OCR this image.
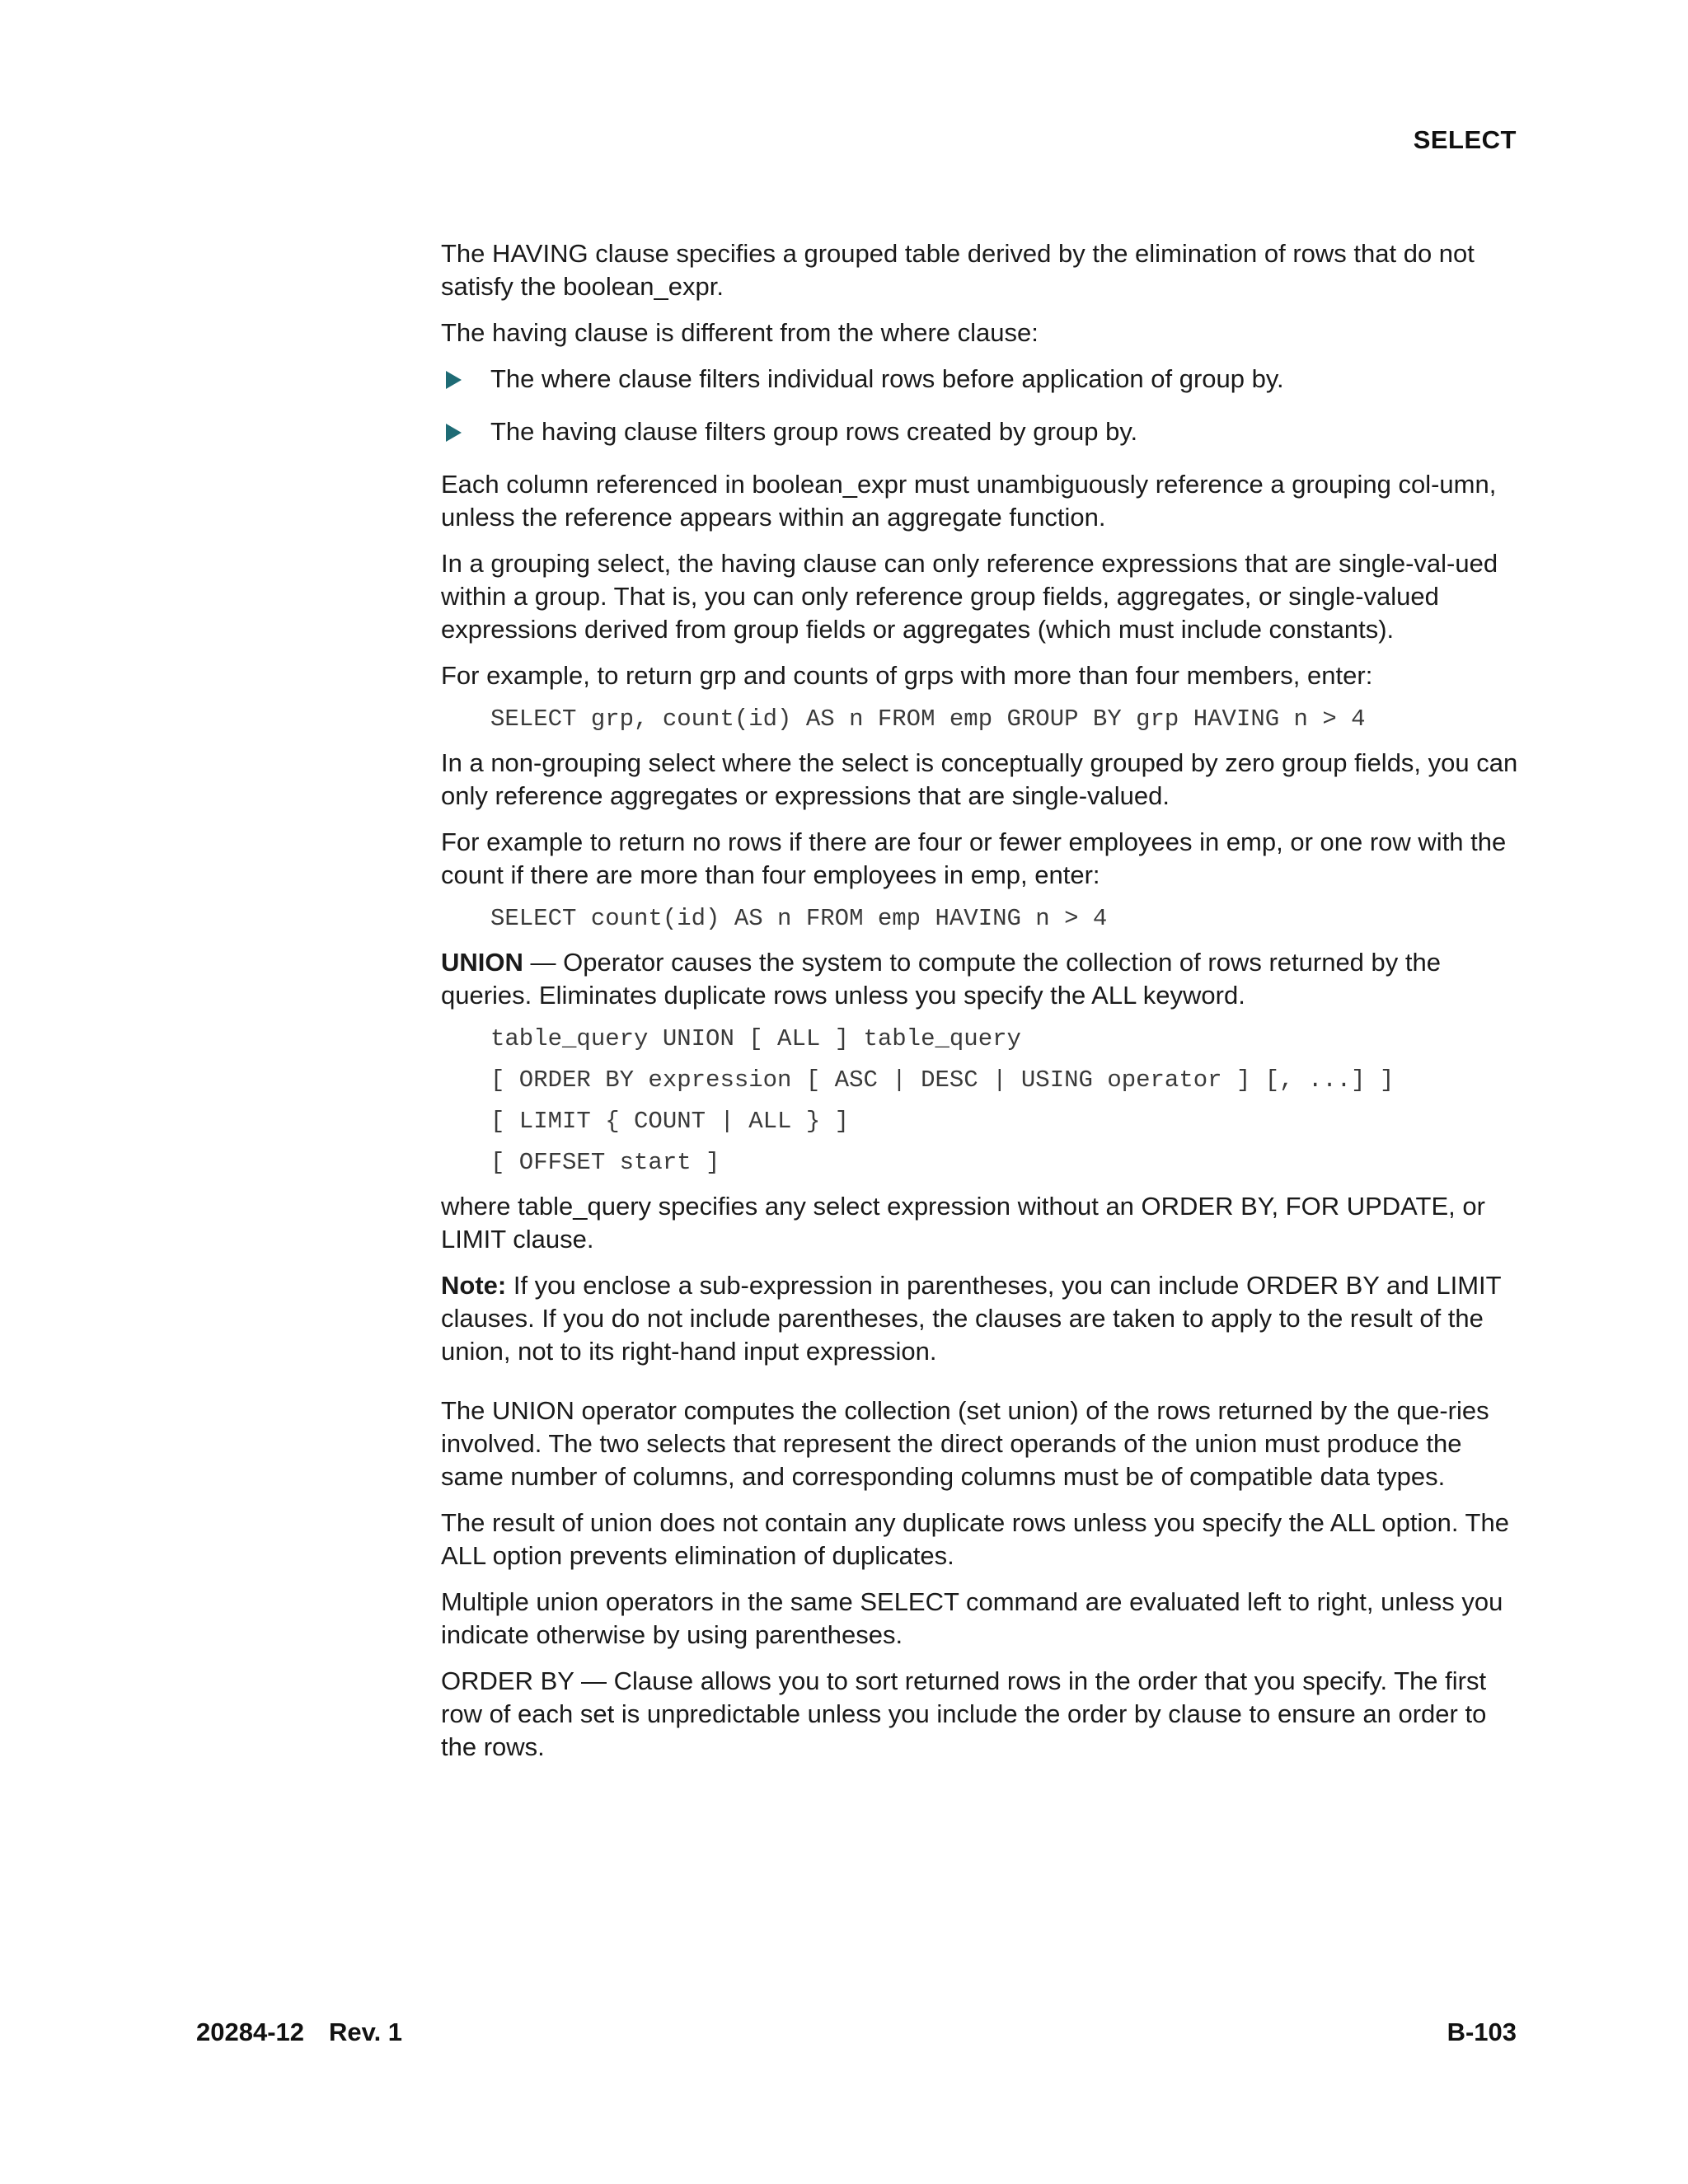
SELECT

The HAVING clause specifies a grouped table derived by the elimination of rows that do not satisfy the boolean_expr.

The having clause is different from the where clause:

The where clause filters individual rows before application of group by.
The having clause filters group rows created by group by.

Each column referenced in boolean_expr must unambiguously reference a grouping col-umn, unless the reference appears within an aggregate function.

In a grouping select, the having clause can only reference expressions that are single-val-ued within a group. That is, you can only reference group fields, aggregates, or single-valued expressions derived from group fields or aggregates (which must include constants).

For example, to return grp and counts of grps with more than four members, enter:

SELECT grp, count(id) AS n FROM emp GROUP BY grp HAVING n > 4

In a non-grouping select where the select is conceptually grouped by zero group fields, you can only reference aggregates or expressions that are single-valued.

For example to return no rows if there are four or fewer employees in emp, or one row with the count if there are more than four employees in emp, enter:

SELECT count(id) AS n FROM emp HAVING n > 4

UNION — Operator causes the system to compute the collection of rows returned by the queries. Eliminates duplicate rows unless you specify the ALL keyword.

table_query UNION [ ALL ] table_query
[ ORDER BY expression [ ASC | DESC | USING operator ] [, ...] ]
[ LIMIT { COUNT | ALL } ]
[ OFFSET start ]

where table_query specifies any select expression without an ORDER BY, FOR UPDATE, or LIMIT clause.

Note: If you enclose a sub-expression in parentheses, you can include ORDER BY and LIMIT clauses. If you do not include parentheses, the clauses are taken to apply to the result of the union, not to its right-hand input expression.

The UNION operator computes the collection (set union) of the rows returned by the que-ries involved. The two selects that represent the direct operands of the union must produce the same number of columns, and corresponding columns must be of compatible data types.

The result of union does not contain any duplicate rows unless you specify the ALL option. The ALL option prevents elimination of duplicates.

Multiple union operators in the same SELECT command are evaluated left to right, unless you indicate otherwise by using parentheses.

ORDER BY — Clause allows you to sort returned rows in the order that you specify. The first row of each set is unpredictable unless you include the order by clause to ensure an order to the rows.

20284-12 Rev. 1	B-103
